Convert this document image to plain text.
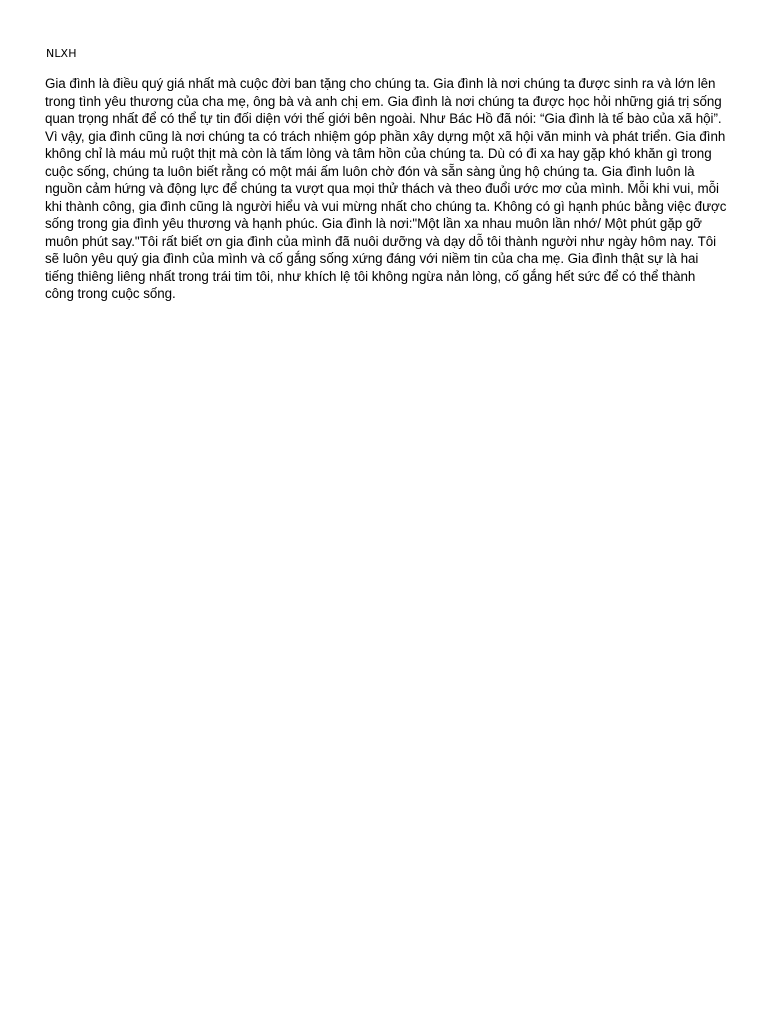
NLXH

Gia đình là điều quý giá nhất mà cuộc đời ban tặng cho chúng ta. Gia đình là nơi chúng ta được sinh ra và lớn lên trong tình yêu thương của cha mẹ, ông bà và anh chị em. Gia đình là nơi chúng ta được học hỏi những giá trị sống quan trọng nhất để có thể tự tin đối diện với thế giới bên ngoài. Như Bác Hồ đã nói: “Gia đình là tế bào của xã hội”. Vì vậy, gia đình cũng là nơi chúng ta có trách nhiệm góp phần xây dựng một xã hội văn minh và phát triển. Gia đình không chỉ là máu mủ ruột thịt mà còn là tấm lòng và tâm hồn của chúng ta. Dù có đi xa hay gặp khó khăn gì trong cuộc sống, chúng ta luôn biết rằng có một mái ấm luôn chờ đón và sẵn sàng ủng hộ chúng ta. Gia đình luôn là nguồn cảm hứng và động lực để chúng ta vượt qua mọi thử thách và theo đuổi ước mơ của mình. Mỗi khi vui, mỗi khi thành công, gia đình cũng là người hiểu và vui mừng nhất cho chúng ta. Không có gì hạnh phúc bằng việc được sống trong gia đình yêu thương và hạnh phúc. Gia đình là nơi:"Một lần xa nhau muôn lần nhớ/ Một phút gặp gỡ muôn phút say."Tôi rất biết ơn gia đình của mình đã nuôi dưỡng và dạy dỗ tôi thành người như ngày hôm nay. Tôi sẽ luôn yêu quý gia đình của mình và cố gắng sống xứng đáng với niềm tin của cha mẹ. Gia đình thật sự là hai tiếng thiêng liêng nhất trong trái tim tôi, như khích lệ tôi không ngừa nản lòng, cố gắng hết sức để có thể thành công trong cuộc sống.
